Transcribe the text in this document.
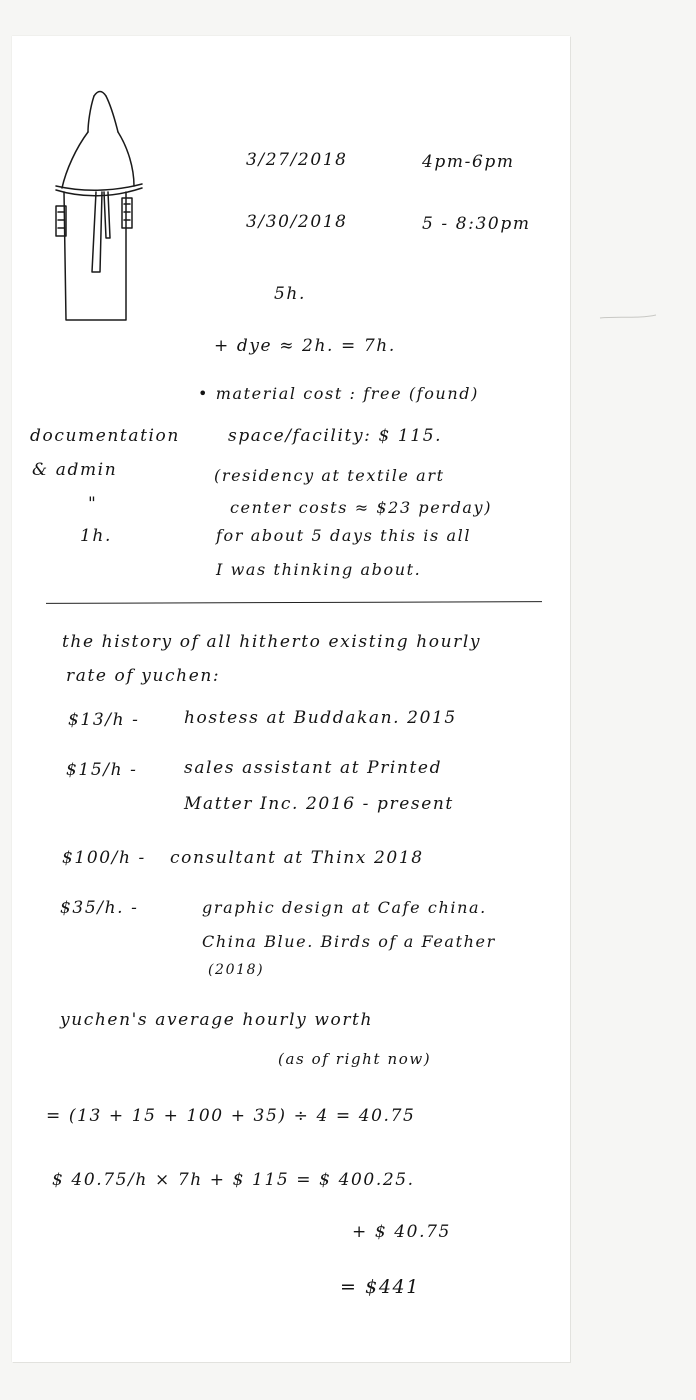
3/27/2018	4pm-6pm
3/30/2018	5 - 8:30pm
5h.
+ dye ≈ 2h. = 7h.
• material cost : free (found)
documentation	space/facility: $ 115.
& admin	(residency at textile art
"	center costs ≈ $23 perday)
1h.	for about 5 days this is all
I was thinking about.
the history of all hitherto existing hourly
rate of yuchen:
$13/h -	hostess at Buddakan. 2015
$15/h -	sales assistant at Printed
Matter Inc. 2016 - present
$100/h - consultant at Thinx 2018
$35/h. -	graphic design at Cafe china.
China Blue. Birds of a Feather
(2018)
yuchen's average hourly worth
(as of right now)
= (13 + 15 + 100 + 35) ÷ 4 = 40.75
$ 40.75/h × 7h + $ 115 = $ 400.25.
+ $ 40.75
= $441
